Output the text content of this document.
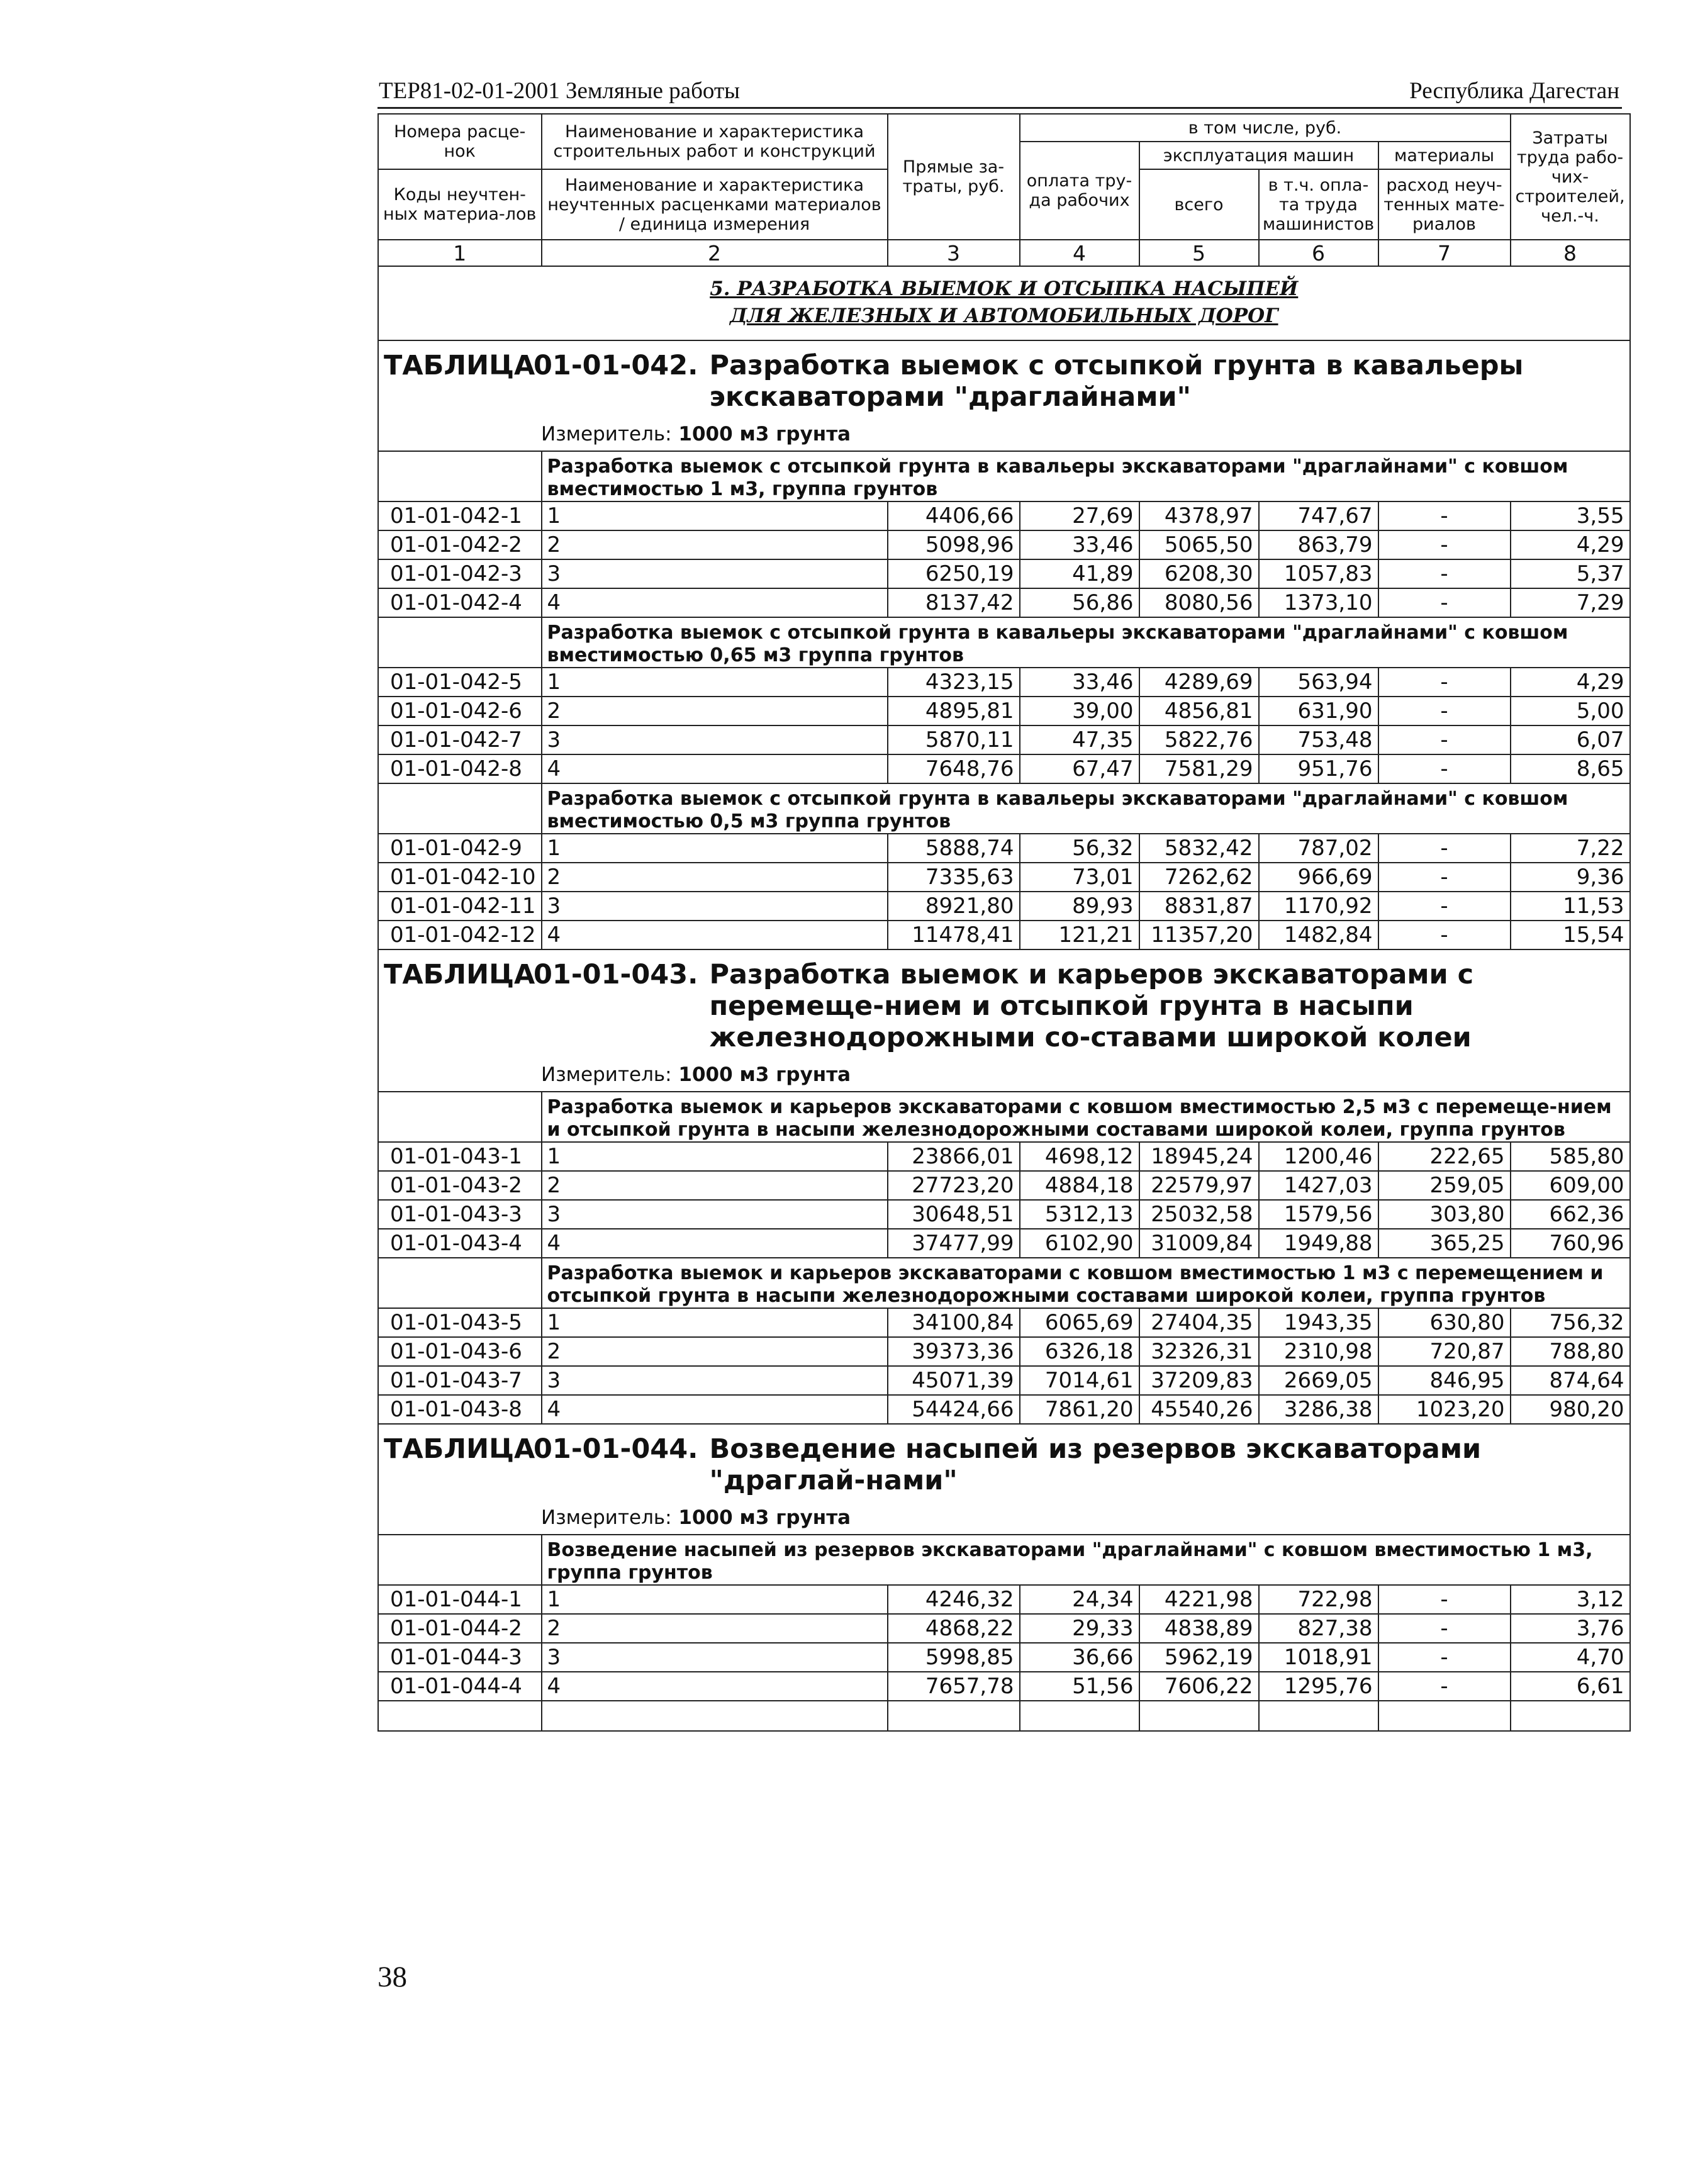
ТЕР81-02-01-2001 Земляные работы	Республика Дагестан
Номера расце-нок	Наименование и характеристика строительных работ и конструкций	Прямые за-траты, руб.	в том числе, руб.				Затраты труда рабо-чих-строителей, чел.-ч.
			оплата тру-да рабочих	эксплуатация машин		материалы	
Коды неучтен-ных материа-лов	Наименование и характеристика неучтенных расценками материалов / единица измерения			всего	в т.ч. опла-та труда машинистов	расход неуч-тенных мате-риалов	

1	2	3	4	5	6	7	8

5. РАЗРАБОТКА ВЫЕМОК И ОТСЫПКА НАСЫПЕЙ
ДЛЯ ЖЕЛЕЗНЫХ И АВТОМОБИЛЬНЫХ ДОРОГ							

ТАБЛИЦА01-01-042. Разработка выемок с отсыпкой грунта в кавальеры экскаваторами "драглайнами"
Измеритель: 1000 м3 грунта							

	Разработка выемок с отсыпкой грунта в кавальеры экскаваторами "драглайнами" с ковшом вместимостью 1 м3, группа грунтов						
01-01-042-1	1	4406,66	27,69	4378,97	747,67	-	3,55
01-01-042-2	2	5098,96	33,46	5065,50	863,79	-	4,29
01-01-042-3	3	6250,19	41,89	6208,30	1057,83	-	5,37
01-01-042-4	4	8137,42	56,86	8080,56	1373,10	-	7,29
	Разработка выемок с отсыпкой грунта в кавальеры экскаваторами "драглайнами" с ковшом вместимостью 0,65 м3 группа грунтов						
01-01-042-5	1	4323,15	33,46	4289,69	563,94	-	4,29
01-01-042-6	2	4895,81	39,00	4856,81	631,90	-	5,00
01-01-042-7	3	5870,11	47,35	5822,76	753,48	-	6,07
01-01-042-8	4	7648,76	67,47	7581,29	951,76	-	8,65
	Разработка выемок с отсыпкой грунта в кавальеры экскаваторами "драглайнами" с ковшом вместимостью 0,5 м3 группа грунтов						
01-01-042-9	1	5888,74	56,32	5832,42	787,02	-	7,22
01-01-042-10	2	7335,63	73,01	7262,62	966,69	-	9,36
01-01-042-11	3	8921,80	89,93	8831,87	1170,92	-	11,53
01-01-042-12	4	11478,41	121,21	11357,20	1482,84	-	15,54

ТАБЛИЦА01-01-043. Разработка выемок и карьеров экскаваторами с перемеще-нием и отсыпкой грунта в насыпи железнодорожными со-ставами широкой колеи
Измеритель: 1000 м3 грунта							

	Разработка выемок и карьеров экскаваторами с ковшом вместимостью 2,5 м3 с перемеще-нием и отсыпкой грунта в насыпи железнодорожными составами широкой колеи, группа грунтов						
01-01-043-1	1	23866,01	4698,12	18945,24	1200,46	222,65	585,80
01-01-043-2	2	27723,20	4884,18	22579,97	1427,03	259,05	609,00
01-01-043-3	3	30648,51	5312,13	25032,58	1579,56	303,80	662,36
01-01-043-4	4	37477,99	6102,90	31009,84	1949,88	365,25	760,96
	Разработка выемок и карьеров экскаваторами с ковшом вместимостью 1 м3 с перемещением и отсыпкой грунта в насыпи железнодорожными составами широкой колеи, группа грунтов						
01-01-043-5	1	34100,84	6065,69	27404,35	1943,35	630,80	756,32
01-01-043-6	2	39373,36	6326,18	32326,31	2310,98	720,87	788,80
01-01-043-7	3	45071,39	7014,61	37209,83	2669,05	846,95	874,64
01-01-043-8	4	54424,66	7861,20	45540,26	3286,38	1023,20	980,20

ТАБЛИЦА01-01-044. Возведение насыпей из резервов экскаваторами "драглай-нами"
Измеритель: 1000 м3 грунта							

	Возведение насыпей из резервов экскаваторами "драглайнами" с ковшом вместимостью 1 м3, группа грунтов						
01-01-044-1	1	4246,32	24,34	4221,98	722,98	-	3,12
01-01-044-2	2	4868,22	29,33	4838,89	827,38	-	3,76
01-01-044-3	3	5998,85	36,66	5962,19	1018,91	-	4,70
01-01-044-4	4	7657,78	51,56	7606,22	1295,76	-	6,61

38
